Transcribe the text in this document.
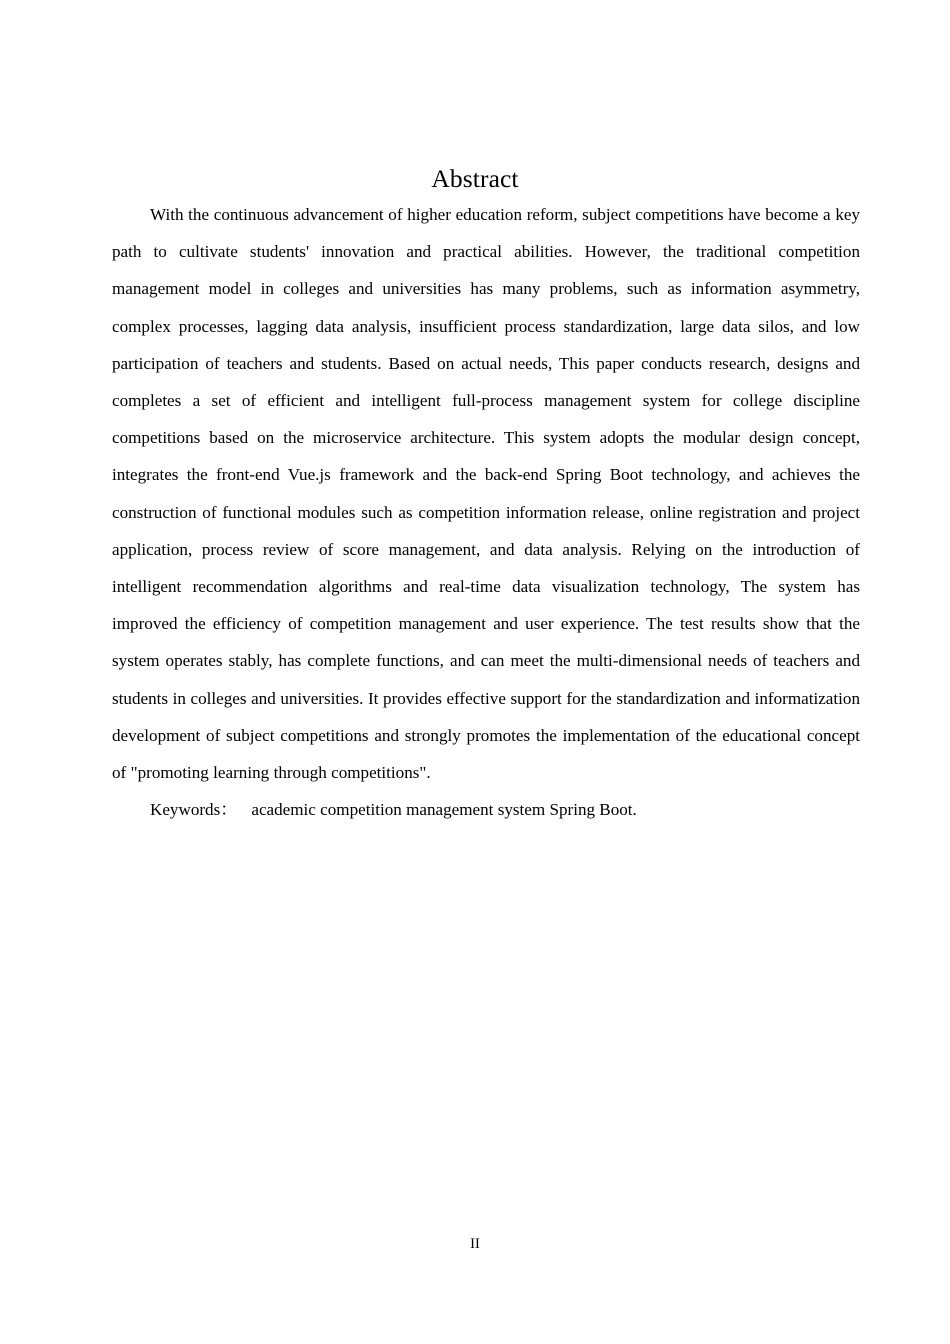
Abstract

With the continuous advancement of higher education reform, subject competitions have become a key path to cultivate students' innovation and practical abilities. However, the traditional competition management model in colleges and universities has many problems, such as information asymmetry, complex processes, lagging data analysis, insufficient process standardization, large data silos, and low participation of teachers and students. Based on actual needs, This paper conducts research, designs and completes a set of efficient and intelligent full-process management system for college discipline competitions based on the microservice architecture. This system adopts the modular design concept, integrates the front-end Vue.js framework and the back-end Spring Boot technology, and achieves the construction of functional modules such as competition information release, online registration and project application, process review of score management, and data analysis. Relying on the introduction of intelligent recommendation algorithms and real-time data visualization technology, The system has improved the efficiency of competition management and user experience. The test results show that the system operates stably, has complete functions, and can meet the multi-dimensional needs of teachers and students in colleges and universities. It provides effective support for the standardization and informatization development of subject competitions and strongly promotes the implementation of the educational concept of "promoting learning through competitions".

Keywords： academic competition management system Spring Boot.

II
